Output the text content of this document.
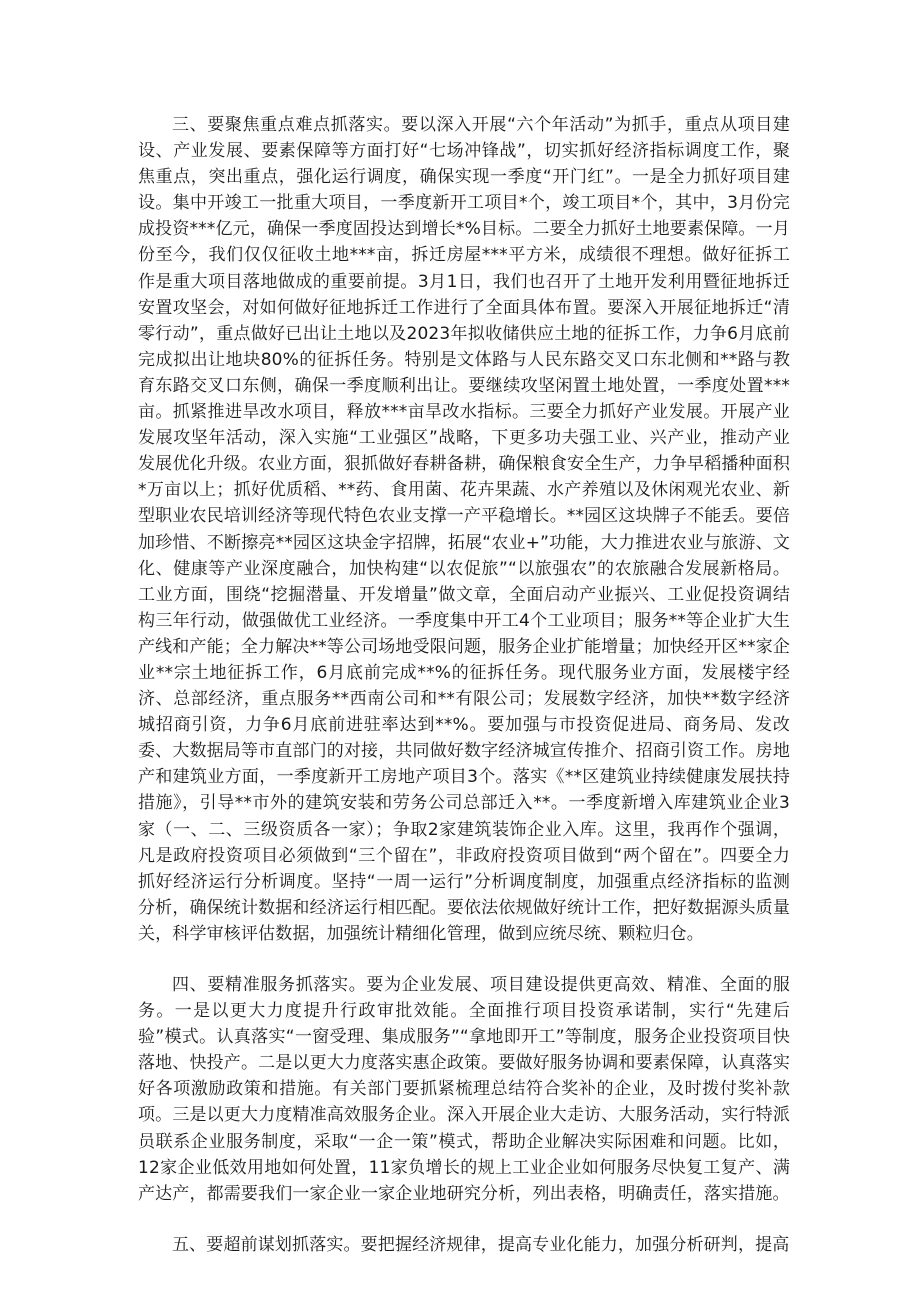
三、要聚焦重点难点抓落实。要以深入开展“六个年活动”为抓手，重点从项目建设、产业发展、要素保障等方面打好“七场冲锋战”，切实抓好经济指标调度工作，聚焦重点，突出重点，强化运行调度，确保实现一季度“开门红”。一是全力抓好项目建设。集中开竣工一批重大项目，一季度新开工项目*个，竣工项目*个，其中，3月份完成投资***亿元，确保一季度固投达到增长*%目标。二要全力抓好土地要素保障。一月份至今，我们仅仅征收土地***亩，拆迁房屋***平方米，成绩很不理想。做好征拆工作是重大项目落地做成的重要前提。3月1日，我们也召开了土地开发利用暨征地拆迁安置攻坚会，对如何做好征地拆迁工作进行了全面具体布置。要深入开展征地拆迁“清零行动”，重点做好已出让土地以及2023年拟收储供应土地的征拆工作，力争6月底前完成拟出让地块80%的征拆任务。特别是文体路与人民东路交叉口东北侧和**路与教育东路交叉口东侧，确保一季度顺利出让。要继续攻坚闲置土地处置，一季度处置***亩。抓紧推进旱改水项目，释放***亩旱改水指标。三要全力抓好产业发展。开展产业发展攻坚年活动，深入实施“工业强区”战略，下更多功夫强工业、兴产业，推动产业发展优化升级。农业方面，狠抓做好春耕备耕，确保粮食安全生产，力争早稻播种面积*万亩以上；抓好优质稻、**药、食用菌、花卉果蔬、水产养殖以及休闲观光农业、新型职业农民培训经济等现代特色农业支撑一产平稳增长。**园区这块牌子不能丢。要倍加珍惜、不断擦亮**园区这块金字招牌，拓展“农业+”功能，大力推进农业与旅游、文化、健康等产业深度融合，加快构建“以农促旅”“以旅强农”的农旅融合发展新格局。工业方面，围绕“挖掘潜量、开发增量”做文章，全面启动产业振兴、工业促投资调结构三年行动，做强做优工业经济。一季度集中开工4个工业项目；服务**等企业扩大生产线和产能；全力解决**等公司场地受限问题，服务企业扩能增量；加快经开区**家企业**宗土地征拆工作，6月底前完成**%的征拆任务。现代服务业方面，发展楼宇经济、总部经济，重点服务**西南公司和**有限公司；发展数字经济，加快**数字经济城招商引资，力争6月底前进驻率达到**%。要加强与市投资促进局、商务局、发改委、大数据局等市直部门的对接，共同做好数字经济城宣传推介、招商引资工作。房地产和建筑业方面，一季度新开工房地产项目3个。落实《**区建筑业持续健康发展扶持措施》，引导**市外的建筑安装和劳务公司总部迁入**。一季度新增入库建筑业企业3家（一、二、三级资质各一家）；争取2家建筑装饰企业入库。这里，我再作个强调，凡是政府投资项目必须做到“三个留在”，非政府投资项目做到“两个留在”。四要全力抓好经济运行分析调度。坚持“一周一运行”分析调度制度，加强重点经济指标的监测分析，确保统计数据和经济运行相匹配。要依法依规做好统计工作，把好数据源头质量关，科学审核评估数据，加强统计精细化管理，做到应统尽统、颗粒归仓。

四、要精准服务抓落实。要为企业发展、项目建设提供更高效、精准、全面的服务。一是以更大力度提升行政审批效能。全面推行项目投资承诺制，实行“先建后验”模式。认真落实“一窗受理、集成服务”“拿地即开工”等制度，服务企业投资项目快落地、快投产。二是以更大力度落实惠企政策。要做好服务协调和要素保障，认真落实好各项激励政策和措施。有关部门要抓紧梳理总结符合奖补的企业，及时拨付奖补款项。三是以更大力度精准高效服务企业。深入开展企业大走访、大服务活动，实行特派员联系企业服务制度，采取“一企一策”模式，帮助企业解决实际困难和问题。比如，12家企业低效用地如何处置，11家负增长的规上工业企业如何服务尽快复工复产、满产达产，都需要我们一家企业一家企业地研究分析，列出表格，明确责任，落实措施。

五、要超前谋划抓落实。要把握经济规律，提高专业化能力，加强分析研判，提高
